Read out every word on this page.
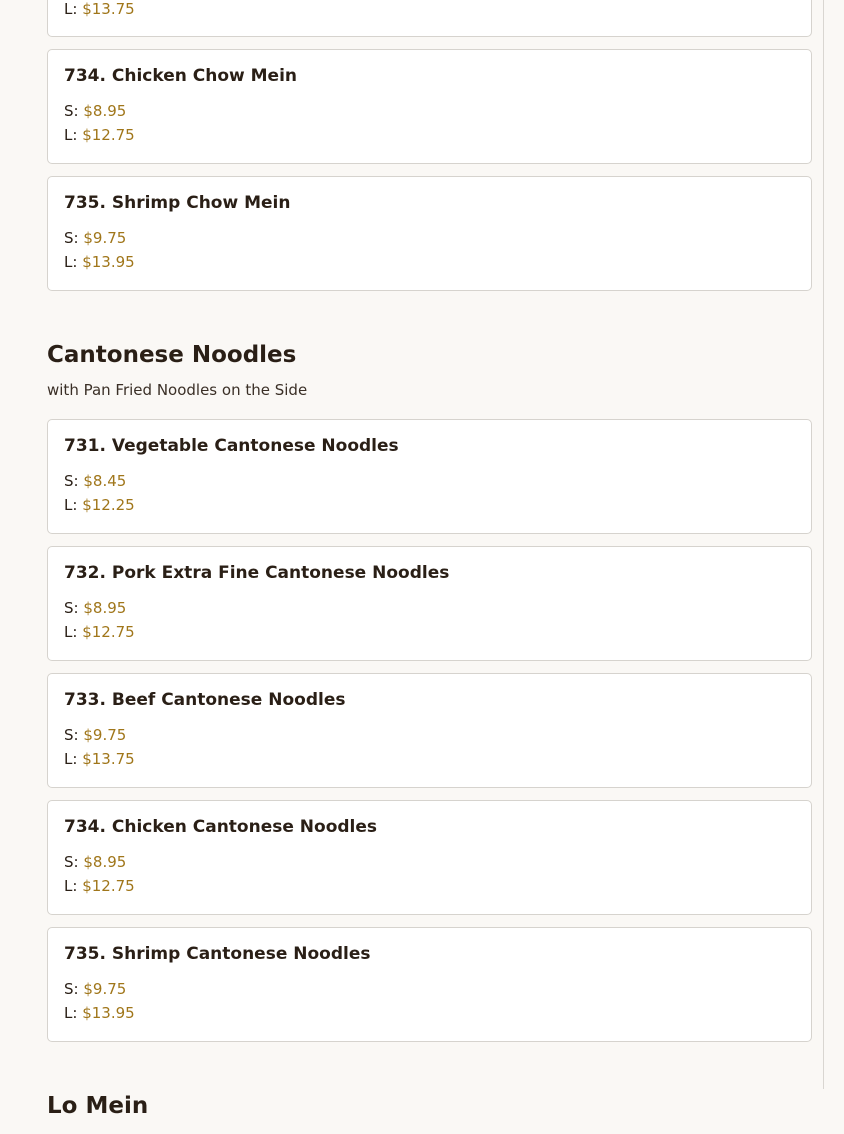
L: $13.75
734. Chicken Chow Mein
S: $8.95
L: $12.75
735. Shrimp Chow Mein
S: $9.75
L: $13.95
Cantonese Noodles
with Pan Fried Noodles on the Side
731. Vegetable Cantonese Noodles
S: $8.45
L: $12.25
732. Pork Extra Fine Cantonese Noodles
S: $8.95
L: $12.75
733. Beef Cantonese Noodles
S: $9.75
L: $13.75
734. Chicken Cantonese Noodles
S: $8.95
L: $12.75
735. Shrimp Cantonese Noodles
S: $9.75
L: $13.95
Lo Mein
